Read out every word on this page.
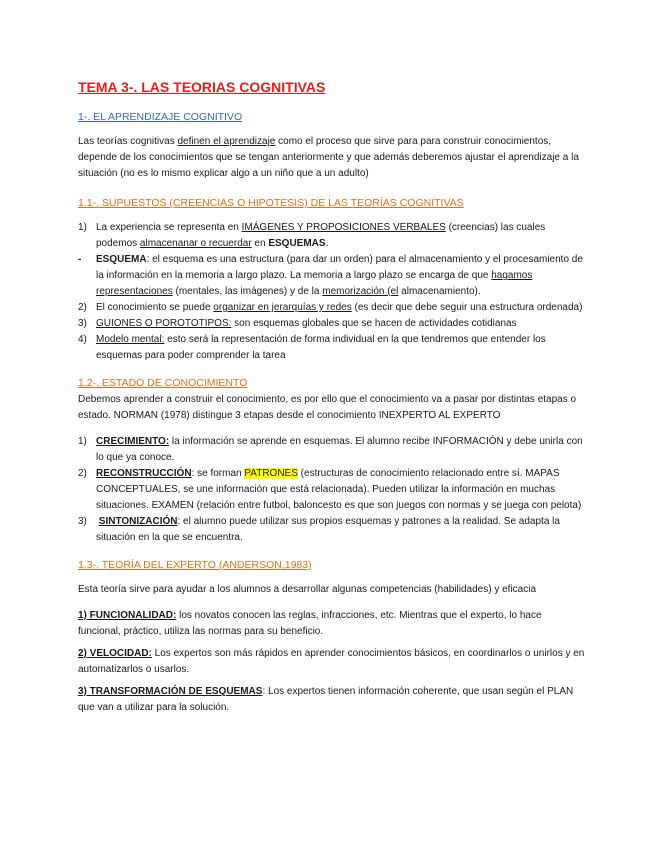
TEMA 3-. LAS TEORIAS COGNITIVAS
1-. EL APRENDIZAJE COGNITIVO

Las teorías cognitivas definen el aprendizaje como el proceso que sirve para para construir conocimientos, depende de los conocimientos que se tengan anteriormente y que además deberemos ajustar el aprendizaje a la situación (no es lo mismo explicar algo a un niño que a un adulto)

1.1-. SUPUESTOS (CREENCIAS O HIPOTESIS) DE LAS TEORÍAS COGNITIVAS
1) La experiencia se representa en IMÁGENES Y PROPOSICIONES VERBALES (creencias) las cuales podemos almacenanar o recuerdar en ESQUEMAS.
-	ESQUEMA: el esquema es una estructura (para dar un orden) para el almacenamiento y el procesamiento de la información en la memoria a largo plazo. La memoria a largo plazo se encarga de que hagamos representaciones (mentales, las imágenes) y de la memorización (el almacenamiento).
2) El conocimiento se puede organizar en jerarquías y redes (es decir que debe seguir una estructura ordenada)
3) GUIONES O POROTOTIPOS: son esquemas globales que se hacen de actividades cotidianas
4) Modelo mental: esto será la representación de forma individual en la que tendremos que entender los esquemas para poder comprender la tarea
1.2-. ESTADO DE CONOCIMIENTO

Debemos aprender a construir el conocimiento, es por ello que el conocimiento va a pasar por distintas etapas o estado. NORMAN (1978) distingue 3 etapas desde el conocimiento INEXPERTO AL EXPERTO

1) CRECIMIENTO: la información se aprende en esquemas. El alumno recibe INFORMACIÓN y debe unirla con lo que ya conoce.
2) RECONSTRUCCIÓN: se forman PATRONES (estructuras de conocimiento relacionado entre sí. MAPAS CONCEPTUALES, se une información que está relacionada). Pueden utilizar la información en muchas situaciones. EXAMEN (relación entre futbol, baloncesto es que son juegos con normas y se juega con pelota)
3)	SINTONIZACIÓN: el alumno puede utilizar sus propios esquemas y patrones a la realidad. Se adapta la situación en la que se encuentra.
1.3-. TEORÍA DEL EXPERTO (ANDERSON,1983)

Esta teoría sirve para ayudar a los alumnos a desarrollar algunas competencias (habilidades) y eficacia

1) FUNCIONALIDAD: los novatos conocen las reglas, infracciones, etc. Mientras que el experto, lo hace funcional, práctico, utiliza las normas para su beneficio.

2) VELOCIDAD: Los expertos son más rápidos en aprender conocimientos básicos, en coordinarlos o unirlos y en automatizarlos o usarlos.

3) TRANSFORMACIÓN DE ESQUEMAS: Los expertos tienen información coherente, que usan según el PLAN que van a utilizar para la solución.
